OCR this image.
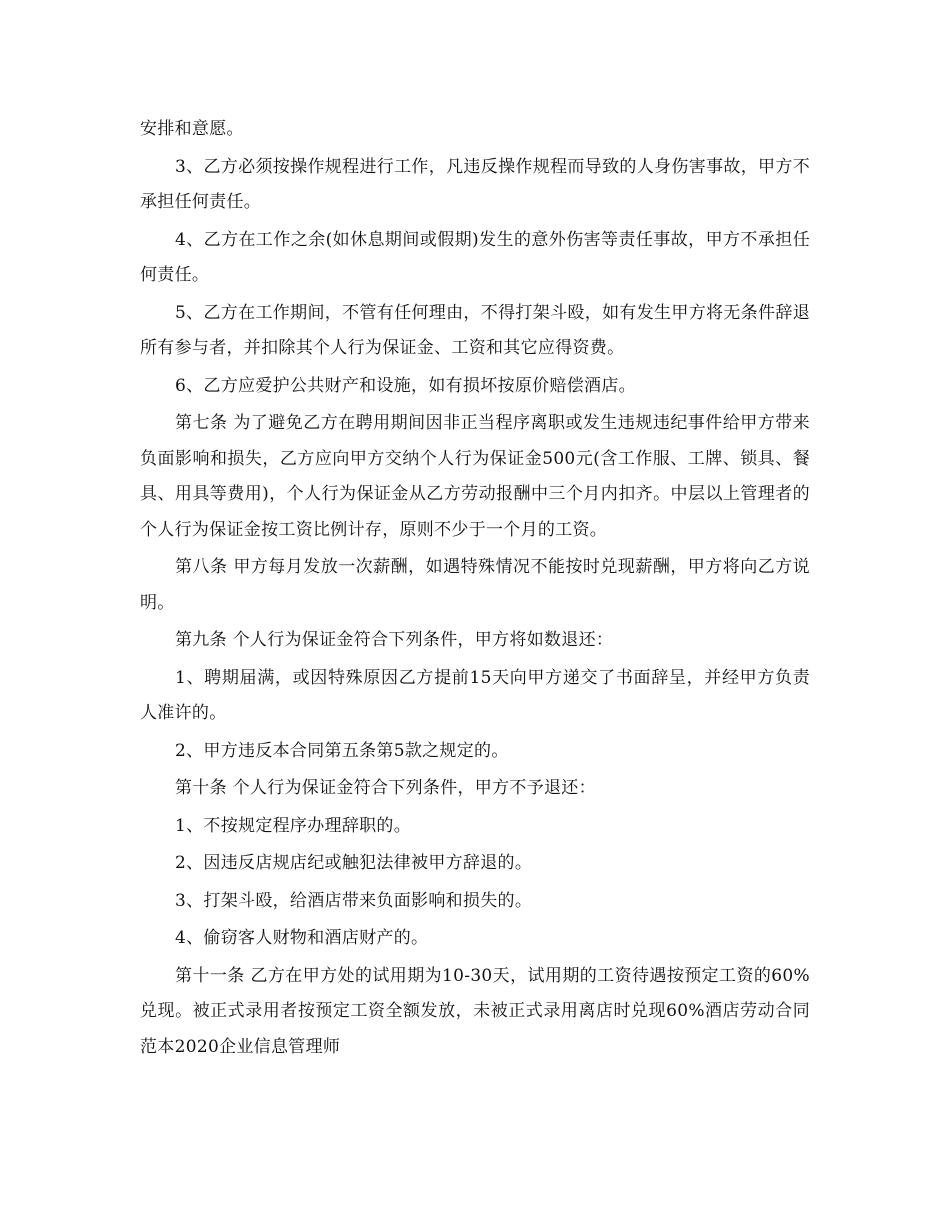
安排和意愿。

3、乙方必须按操作规程进行工作，凡违反操作规程而导致的人身伤害事故，甲方不承担任何责任。

4、乙方在工作之余(如休息期间或假期)发生的意外伤害等责任事故，甲方不承担任何责任。

5、乙方在工作期间，不管有任何理由，不得打架斗殴，如有发生甲方将无条件辞退所有参与者，并扣除其个人行为保证金、工资和其它应得资费。

6、乙方应爱护公共财产和设施，如有损坏按原价赔偿酒店。

第七条 为了避免乙方在聘用期间因非正当程序离职或发生违规违纪事件给甲方带来负面影响和损失，乙方应向甲方交纳个人行为保证金500元(含工作服、工牌、锁具、餐具、用具等费用)，个人行为保证金从乙方劳动报酬中三个月内扣齐。中层以上管理者的个人行为保证金按工资比例计存，原则不少于一个月的工资。

第八条 甲方每月发放一次薪酬，如遇特殊情况不能按时兑现薪酬，甲方将向乙方说明。

第九条 个人行为保证金符合下列条件，甲方将如数退还：

1、聘期届满，或因特殊原因乙方提前15天向甲方递交了书面辞呈，并经甲方负责人准许的。

2、甲方违反本合同第五条第5款之规定的。

第十条 个人行为保证金符合下列条件，甲方不予退还：

1、不按规定程序办理辞职的。

2、因违反店规店纪或触犯法律被甲方辞退的。

3、打架斗殴，给酒店带来负面影响和损失的。

4、偷窃客人财物和酒店财产的。

第十一条 乙方在甲方处的试用期为10-30天，试用期的工资待遇按预定工资的60%兑现。被正式录用者按预定工资全额发放，未被正式录用离店时兑现60%酒店劳动合同范本2020企业信息管理师
